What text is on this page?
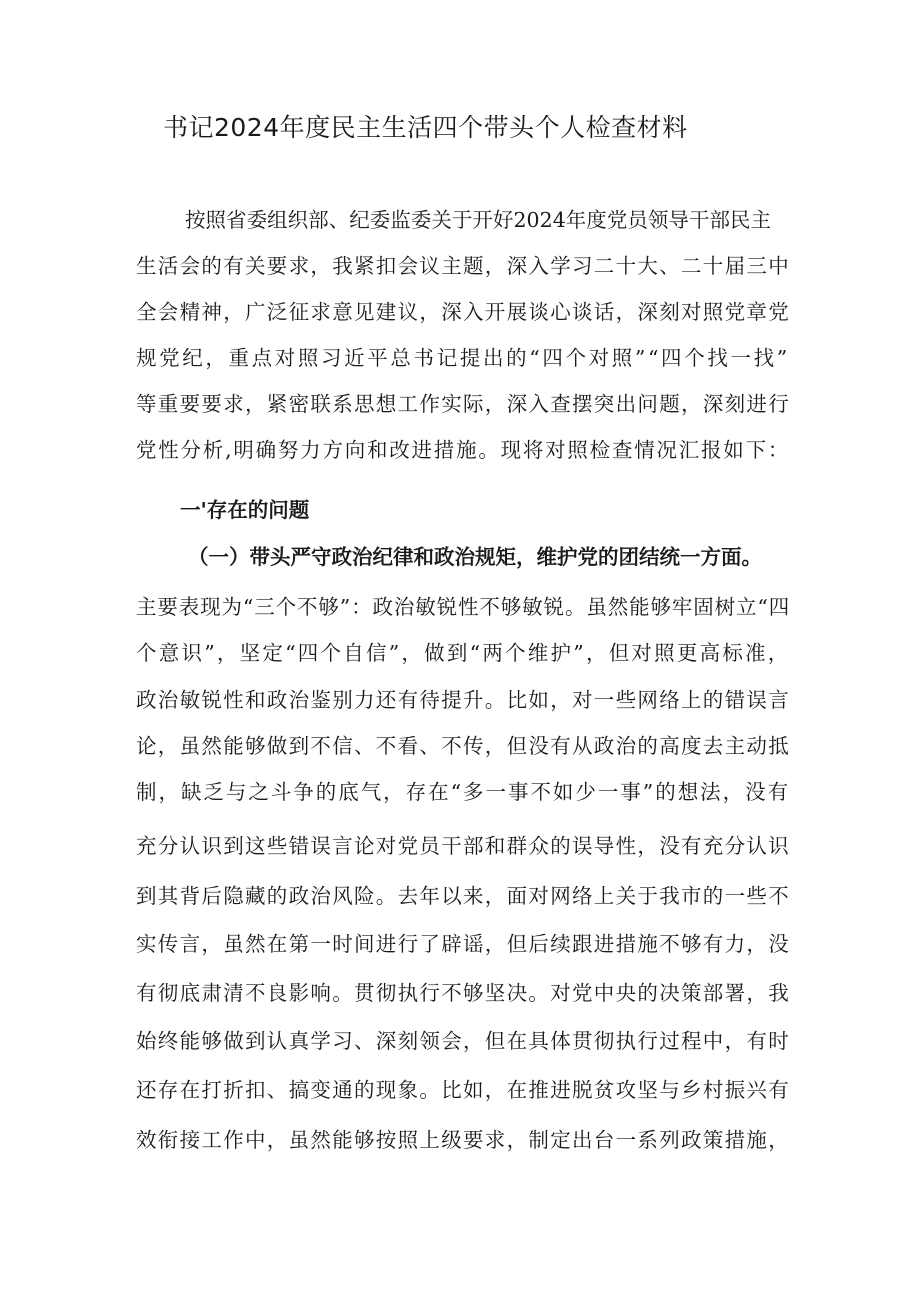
书记2024年度民主生活四个带头个人检查材料
按照省委组织部、纪委监委关于开好2024年度党员领导干部民主
生活会的有关要求，我紧扣会议主题，深入学习二十大、二十届三中
全会精神，广泛征求意见建议，深入开展谈心谈话，深刻对照党章党
规党纪，重点对照习近平总书记提出的“四个对照”“四个找一找”
等重要要求，紧密联系思想工作实际，深入查摆突出问题，深刻进行
党性分析,明确努力方向和改进措施。现将对照检查情况汇报如下：
一'存在的问题
（一）带头严守政治纪律和政治规矩，维护党的团结统一方面。
主要表现为“三个不够”：政治敏锐性不够敏锐。虽然能够牢固树立“四
个意识”，坚定“四个自信”，做到“两个维护”，但对照更高标准，
政治敏锐性和政治鉴别力还有待提升。比如，对一些网络上的错误言
论，虽然能够做到不信、不看、不传，但没有从政治的高度去主动抵
制，缺乏与之斗争的底气，存在“多一事不如少一事”的想法，没有
充分认识到这些错误言论对党员干部和群众的误导性，没有充分认识
到其背后隐藏的政治风险。去年以来，面对网络上关于我市的一些不
实传言，虽然在第一时间进行了辟谣，但后续跟进措施不够有力，没
有彻底肃清不良影响。贯彻执行不够坚决。对党中央的决策部署，我
始终能够做到认真学习、深刻领会，但在具体贯彻执行过程中，有时
还存在打折扣、搞变通的现象。比如，在推进脱贫攻坚与乡村振兴有
效衔接工作中，虽然能够按照上级要求，制定出台一系列政策措施，
